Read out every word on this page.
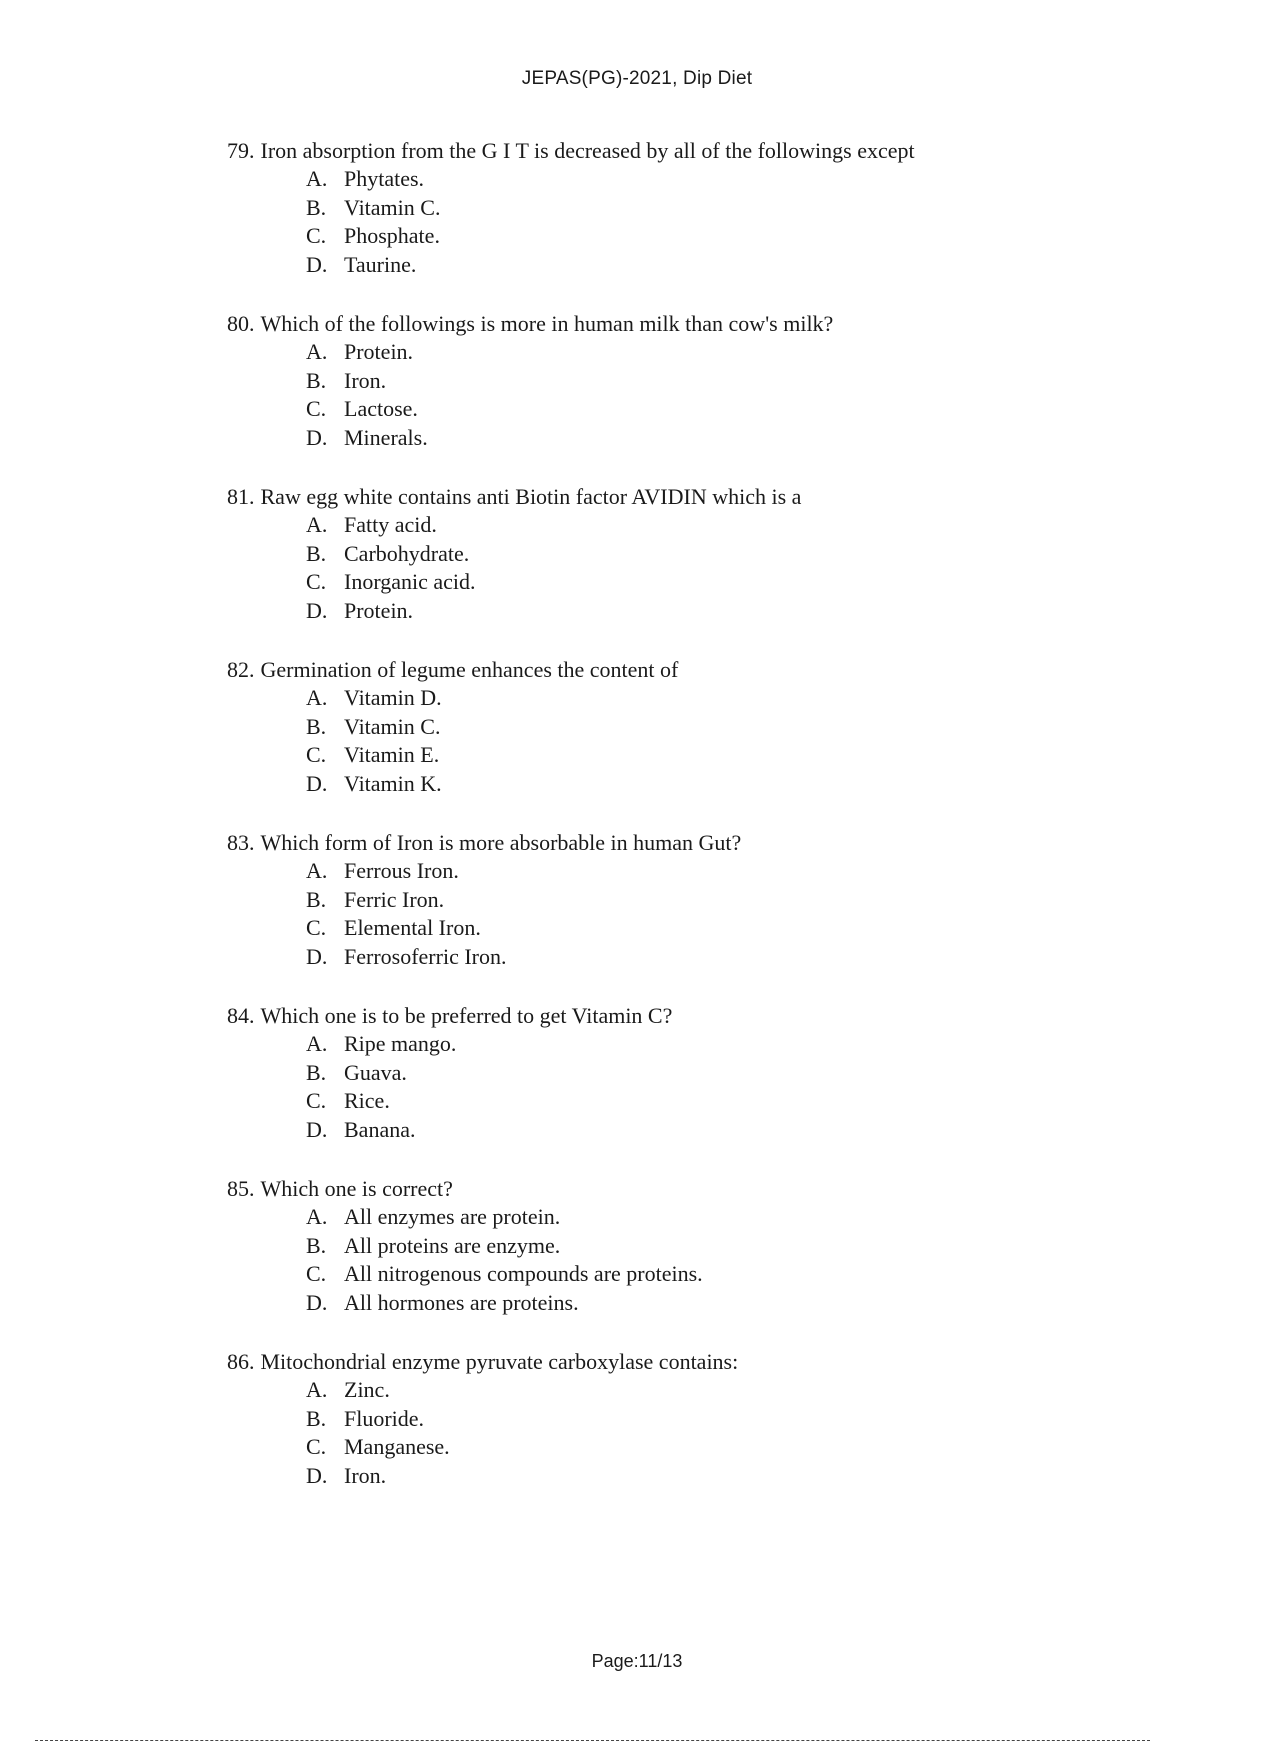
JEPAS(PG)-2021, Dip Diet
79. Iron absorption from the G I T is decreased by all of the followings except
A. Phytates.
B. Vitamin C.
C. Phosphate.
D. Taurine.
80. Which of the followings is more in human milk than cow's milk?
A. Protein.
B. Iron.
C. Lactose.
D. Minerals.
81. Raw egg white contains anti Biotin factor AVIDIN which is a
A. Fatty acid.
B. Carbohydrate.
C. Inorganic acid.
D. Protein.
82. Germination of legume enhances the content of
A. Vitamin D.
B. Vitamin C.
C. Vitamin E.
D. Vitamin K.
83. Which form of Iron is more absorbable in human Gut?
A. Ferrous Iron.
B. Ferric Iron.
C. Elemental Iron.
D. Ferrosoferric Iron.
84. Which one is to be preferred to get Vitamin C?
A. Ripe mango.
B. Guava.
C. Rice.
D. Banana.
85. Which one is correct?
A. All enzymes are protein.
B. All proteins are enzyme.
C. All nitrogenous compounds are proteins.
D. All hormones are proteins.
86. Mitochondrial enzyme pyruvate carboxylase contains:
A. Zinc.
B. Fluoride.
C. Manganese.
D. Iron.
Page:11/13
